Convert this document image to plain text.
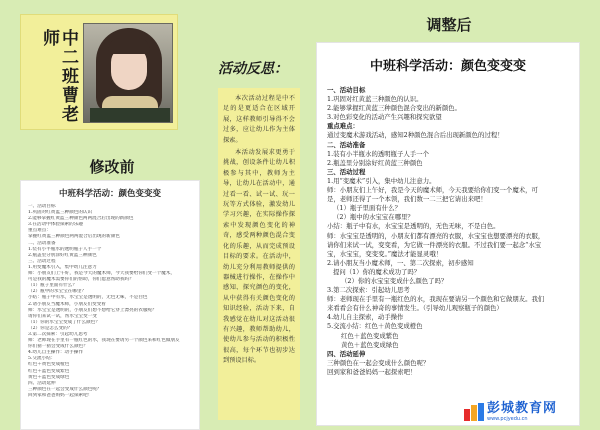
中二班曹老师
修改前
中班科学活动：颜色变变变
一、活动目标
1.巩固对红黄蓝三种颜色的认识
2.能够掌握红黄蓝三种颜色两两混合后出现的新颜色
3.在活动中体验探索的乐趣
重点难点：
掌握红黄蓝三种颜色两两混合后出现的新颜色
二、活动准备
1.装有小半瓶水的透明瓶子人手一个
2.瓶盖里分别涂好红黄蓝三种颜色
三、活动过程
1.用变魔术引入，集中幼儿注意力
师：小朋友们上午好，我是今天的魔术师，今天我要给你们变一个魔术，
可是我的魔术需要你们的帮助，你们愿意帮助我吗？
（1）瓶子里面有什么？
（2）瓶中的水宝宝在哪里？
小结：瓶子中有水，水宝宝是透明的，无色无味，不是白色
2.请小朋友当魔术师，小朋友们变变看
师：水宝宝是透明的，小朋友们想不想给它穿上漂亮的衣服呢？
请你们来试一试，帮水宝宝变一变
（1）你的水宝宝变成了什么颜色？
（2）你是怎么变的？
3.第二次探索：引起幼儿思考
师：老师现在手里有一瓶红色的水，我现在要请另一个颜色来和红色做朋友
你们猜一猜会变成什么颜色？
4.幼儿自主操作：动手操作
5.交流小结：
红色＋黄色变成橙色
红色＋蓝色变成紫色
黄色＋蓝色变成绿色
四、活动延伸
三种颜色在一起会变成什么颜色呢？
回到家和爸爸妈妈一起探索吧！
活动反思：

本次活动过程是中不足的是更适合在区域开展，这样教师引导得不会过多，应让幼儿作为主体探索。

本活动发展求更勇于挑战，创设条件让幼儿积极参与其中，教师为主导，让幼儿在活动中，通过看一看、试一试、玩一玩等方式体验，激发幼儿学习兴趣，在实际操作探索中发现颜色变化的神奇，感受两种颜色混合变化的乐趣，从而完成预设目标的要求。在活动中，幼儿充分利用教师提供的器械进行操作，在操作中感知、探究颜色的变化，从中获得有关颜色变化的知识经验，活动下来，自我感觉在幼儿对这活动很有兴趣，教师帮助幼儿，使幼儿参与活动的积极性很高，每个环节也初步达到预设目标。

调整后
中班科学活动：颜色变变变
一、活动目标
1.巩固对红黄蓝三种颜色的认识。
2.能够掌握红黄蓝三种颜色混合变出的新颜色。
3.对色彩变化的活动产生兴趣和探究欲望
重点难点：
通过变魔术游戏活动，感知2种颜色混合后出现新颜色的过程！
二、活动准备
1.装有小半瓶水的透明瓶子人手一个
2.瓶盖里分别涂好红黄蓝三种颜色
三、活动过程
1.用“变魔术”引入，集中幼儿注意力。
师：小朋友们上午好，我是今天的魔术师，今天我要给你们变一个魔术，可
是，老师还得了一个本领，我们数一二三把它请出来吧！
（1）瓶子里面有什么？
（2）瓶中的水宝宝在哪里？
小结：瓶子中有水，水宝宝是透明的，无色无味，不是白色。
师：水宝宝是透明的，小朋友们都有漂亮的衣服，水宝宝也想要漂亮的衣服，
请你们来试一试，变变看，为它做一件漂亮的衣服。不过我们要一起念“水宝
宝，水宝宝，变变变。”魔法才能显灵哦！
2.请小朋友当小魔术师，一、第二次探索，初步感知
提问（1）你的魔术成功了吗？
（2）你的水宝宝变成什么颜色了吗？
3.第二次探索：引起幼儿思考
师：老师现在手里有一瓶红色的水，我现在要请另一个颜色和它做朋友。我们
来看看会有什么神奇的事情发生。（引导幼儿观察瓶子的颜色）
4.幼儿自主探索，动手操作
5.交流小结：红色＋黄色变成橙色
红色＋蓝色变成紫色
黄色＋蓝色变成绿色
四、活动延伸
三种颜色在一起会变成什么颜色呢？
回到家和爸爸妈妈一起探索吧！
彭城教育网
www.pcjyedu.cn
